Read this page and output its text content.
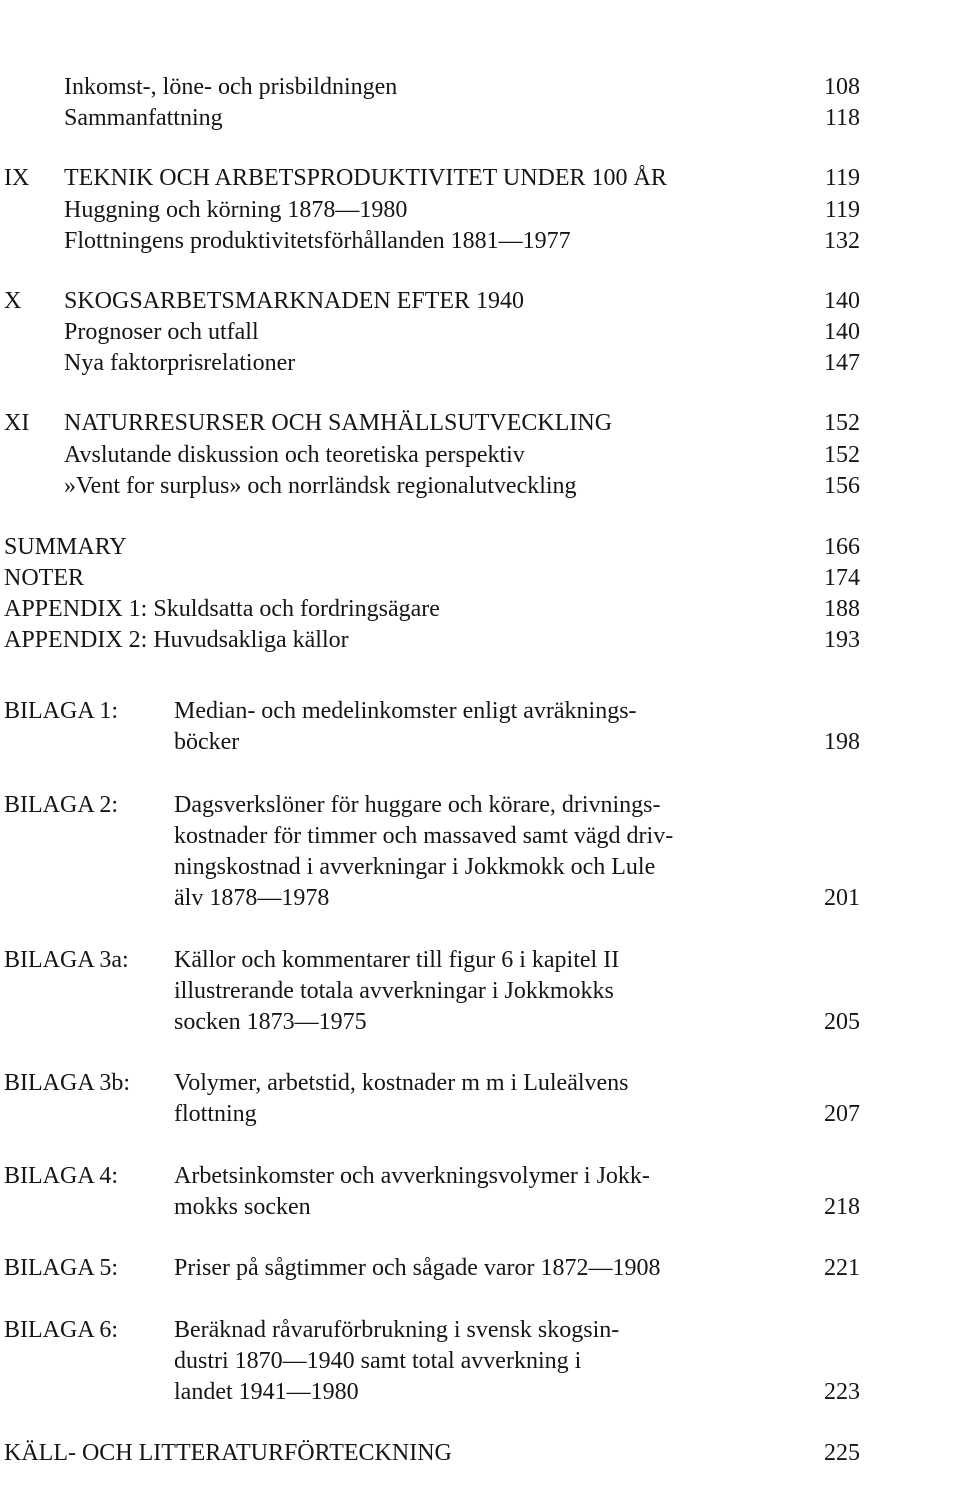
Inkomst-, löne- och prisbildningen	108
Sammanfattning	118
IX TEKNIK OCH ARBETSPRODUKTIVITET UNDER 100 ÅR	119
Huggning och körning 1878—1980	119
Flottningens produktivitetsförhållanden 1881—1977	132
X SKOGSARBETSMARKNADEN EFTER 1940	140
Prognoser och utfall	140
Nya faktorprisrelationer	147
XI NATURRESURSER OCH SAMHÄLLSUTVECKLING	152
Avslutande diskussion och teoretiska perspektiv	152
»Vent for surplus» och norrländsk regionalutveckling	156
SUMMARY	166
NOTER	174
APPENDIX 1: Skuldsatta och fordringsägare	188
APPENDIX 2: Huvudsakliga källor	193
BILAGA 1: Median- och medelinkomster enligt avräknings-
böcker	198
BILAGA 2: Dagsverkslöner för huggare och körare, drivnings-
kostnader för timmer och massaved samt vägd driv-
ningskostnad i avverkningar i Jokkmokk och Lule
älv 1878—1978	201
BILAGA 3a: Källor och kommentarer till figur 6 i kapitel II
illustrerande totala avverkningar i Jokkmokks
socken 1873—1975	205
BILAGA 3b: Volymer, arbetstid, kostnader m m i Luleälvens
flottning	207
BILAGA 4: Arbetsinkomster och avverkningsvolymer i Jokk-
mokks socken	218
BILAGA 5: Priser på sågtimmer och sågade varor 1872—1908	221
BILAGA 6: Beräknad råvaruförbrukning i svensk skogsin-
dustri 1870—1940 samt total avverkning i
landet 1941—1980	223
KÄLL- OCH LITTERATURFÖRTECKNING	225
